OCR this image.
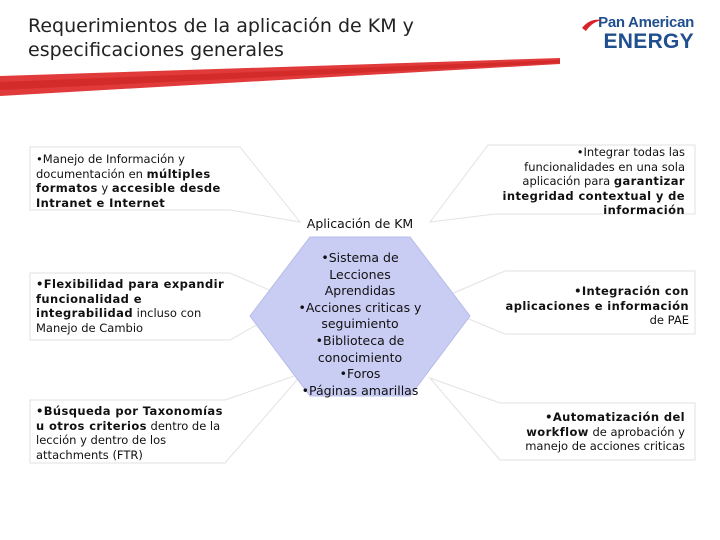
Requerimientos de la aplicación de KM y especificaciones generales
Pan American
ENERGY
•Manejo de Información y documentación en múltiples formatos y accesible desde Intranet e Internet
•Flexibilidad para expandir funcionalidad e integrabilidad incluso con Manejo de Cambio
•Búsqueda por Taxonomías u otros criterios dentro de la lección y dentro de los attachments (FTR)
•Integrar todas las funcionalidades en una sola aplicación para garantizar integridad contextual y de información
•Integración con aplicaciones e información de PAE
•Automatización del workflow de aprobación y manejo de acciones criticas
Aplicación de KM
•Sistema de
Lecciones
Aprendidas
•Acciones criticas y
seguimiento
•Biblioteca de
conocimiento
•Foros
•Páginas amarillas
